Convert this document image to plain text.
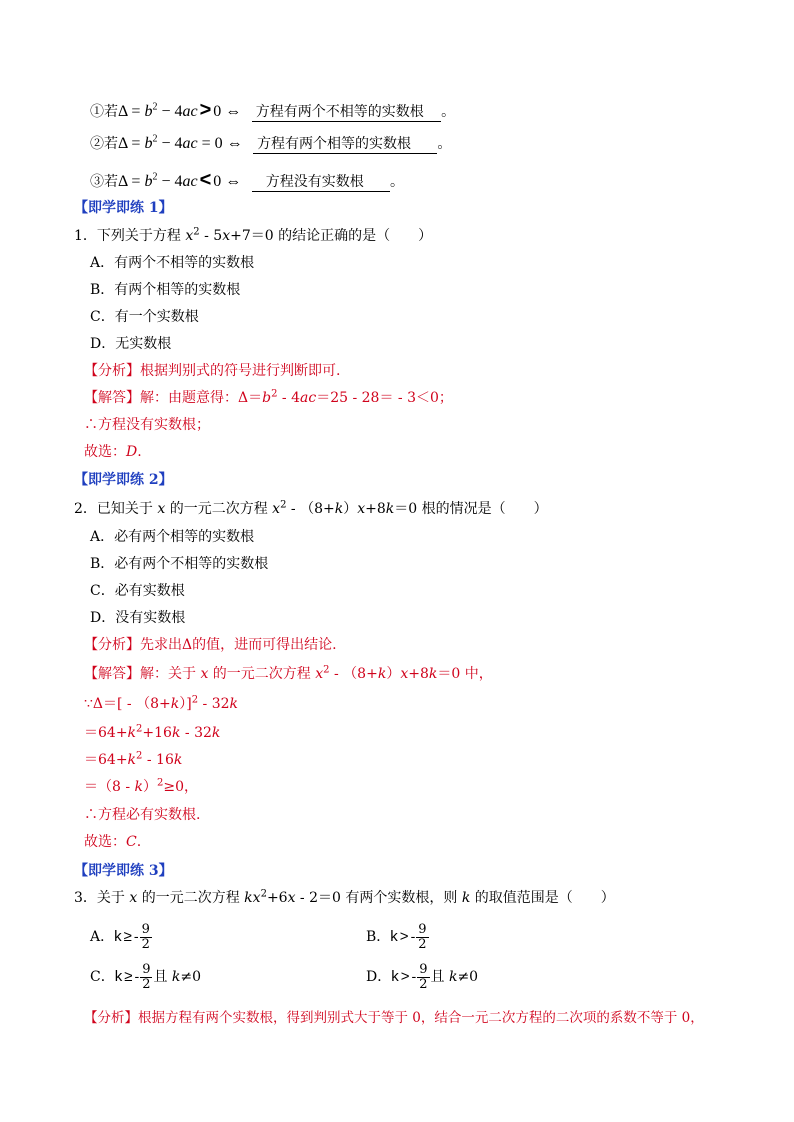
①若$\Delta = b^2 - 4ac > 0$ ⇔ 方程有两个不相等的实数根 。
②若$\Delta = b^2 - 4ac = 0$ ⇔ 方程有两个相等的实数根 。
③若$\Delta = b^2 - 4ac < 0$ ⇔ 方程没有实数根 。
【即学即练 1】
1．下列关于方程 $x^2 - 5x+7=0$ 的结论正确的是（　　）
A．有两个不相等的实数根
B．有两个相等的实数根
C．有一个实数根
D．无实数根
【分析】根据判别式的符号进行判断即可.
【解答】解：由题意得：$\Delta=b^2 - 4ac=25 - 28= - 3<0$；
∴方程没有实数根；
故选：D.
【即学即练 2】
2．已知关于 x 的一元二次方程 $x^2 - (8+k)x+8k=0$ 根的情况是（　　）
A．必有两个相等的实数根
B．必有两个不相等的实数根
C．必有实数根
D．没有实数根
【分析】先求出Δ的值，进而可得出结论.
【解答】解：关于 x 的一元二次方程 $x^2 - (8+k)x+8k=0$ 中，
∵Δ＝[ - （8+k）]$^2$ - 32k
$=64+k^2+16k - 32k$
$=64+k^2 - 16k$
＝（8 - k）$^2$≥0，
∴方程必有实数根.
故选：C.
【即学即练 3】
3．关于 x 的一元二次方程 $kx^2+6x - 2=0$ 有两个实数根，则 k 的取值范围是（　　）
A．k ≥ - $\frac{9}{2}$	B．k > - $\frac{9}{2}$
C．k ≥ - $\frac{9}{2}$ 且 k≠0	D．k > - $\frac{9}{2}$ 且 k≠0
【分析】根据方程有两个实数根，得到判别式大于等于 0，结合一元二次方程的二次项的系数不等于 0，
